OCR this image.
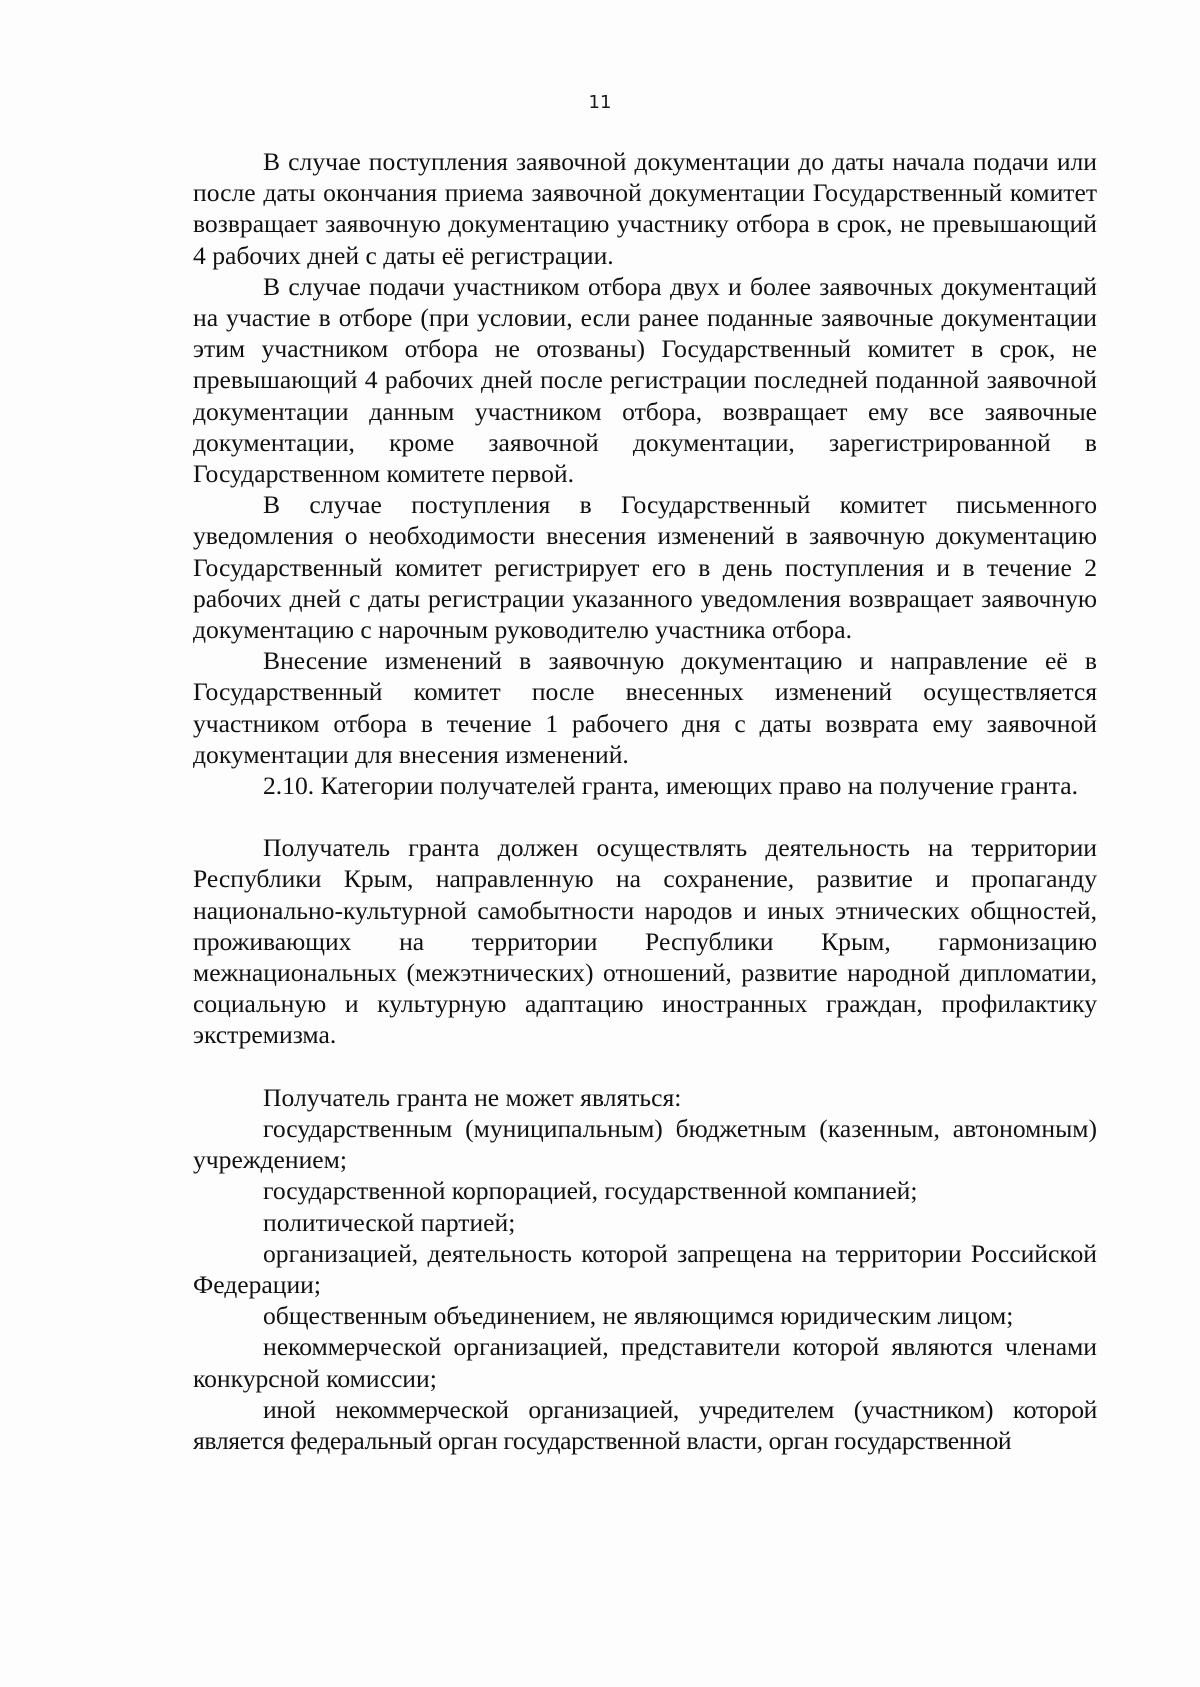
11

В случае поступления заявочной документации до даты начала подачи или после даты окончания приема заявочной документации Государственный комитет возвращает заявочную документацию участнику отбора в срок, не превышающий 4 рабочих дней с даты её регистрации.

В случае подачи участником отбора двух и более заявочных документаций на участие в отборе (при условии, если ранее поданные заявочные документации этим участником отбора не отозваны) Государственный комитет в срок, не превышающий 4 рабочих дней после регистрации последней поданной заявочной документации данным участником отбора, возвращает ему все заявочные документации, кроме заявочной документации, зарегистрированной в Государственном комитете первой.

В случае поступления в Государственный комитет письменного уведомления о необходимости внесения изменений в заявочную документацию Государственный комитет регистрирует его в день поступления и в течение 2 рабочих дней с даты регистрации указанного уведомления возвращает заявочную документацию с нарочным руководителю участника отбора.

Внесение изменений в заявочную документацию и направление её в Государственный комитет после внесенных изменений осуществляется участником отбора в течение 1 рабочего дня с даты возврата ему заявочной документации для внесения изменений.

2.10. Категории получателей гранта, имеющих право на получение гранта.

Получатель гранта должен осуществлять деятельность на территории Республики Крым, направленную на сохранение, развитие и пропаганду национально-культурной самобытности народов и иных этнических общностей, проживающих на территории Республики Крым, гармонизацию межнациональных (межэтнических) отношений, развитие народной дипломатии, социальную и культурную адаптацию иностранных граждан, профилактику экстремизма.

Получатель гранта не может являться:

государственным (муниципальным) бюджетным (казенным, автономным) учреждением;

государственной корпорацией, государственной компанией;

политической партией;

организацией, деятельность которой запрещена на территории Российской Федерации;

общественным объединением, не являющимся юридическим лицом;

некоммерческой организацией, представители которой являются членами конкурсной комиссии;

иной некоммерческой организацией, учредителем (участником) которой является федеральный орган государственной власти, орган государственной
